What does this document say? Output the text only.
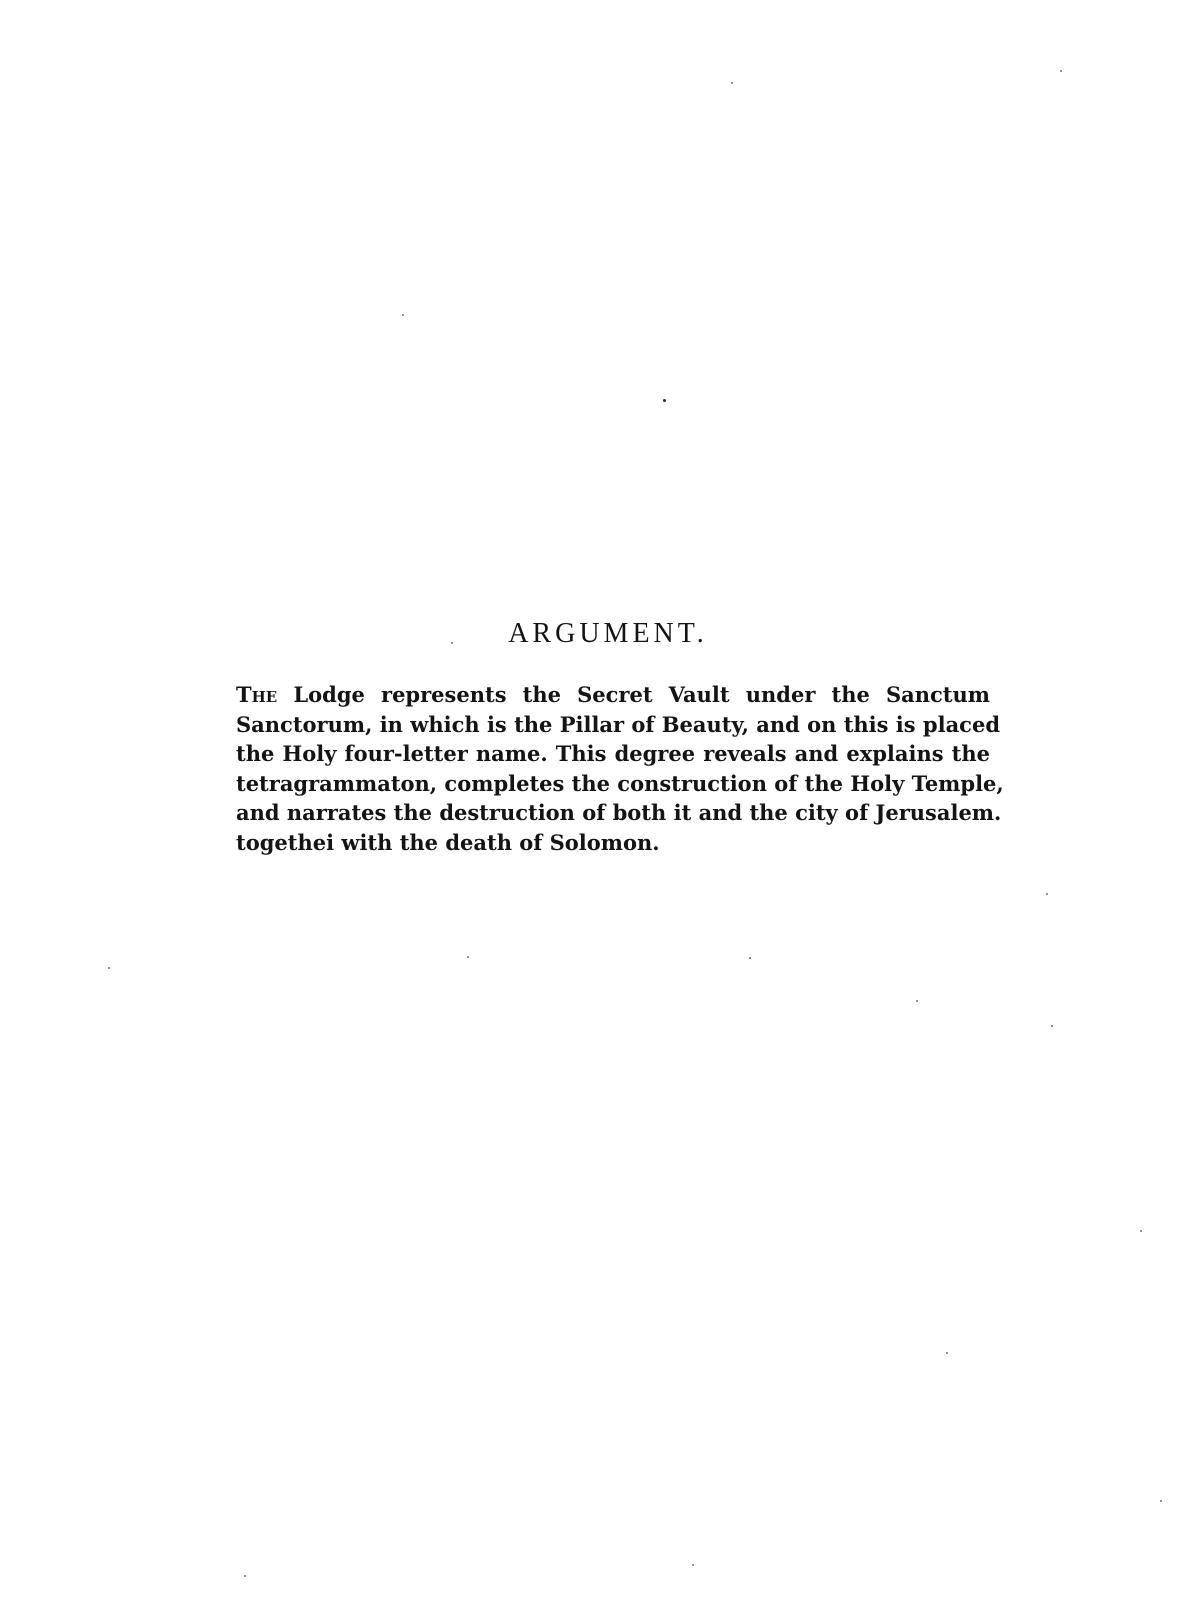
ARGUMENT.

The Lodge represents the Secret Vault under the Sanctum
Sanctorum, in which is the Pillar of Beauty, and on this is placed
the Holy four-letter name. This degree reveals and explains the
tetragrammaton, completes the construction of the Holy Temple,
and narrates the destruction of both it and the city of Jerusalem.
togethei with the death of Solomon.
